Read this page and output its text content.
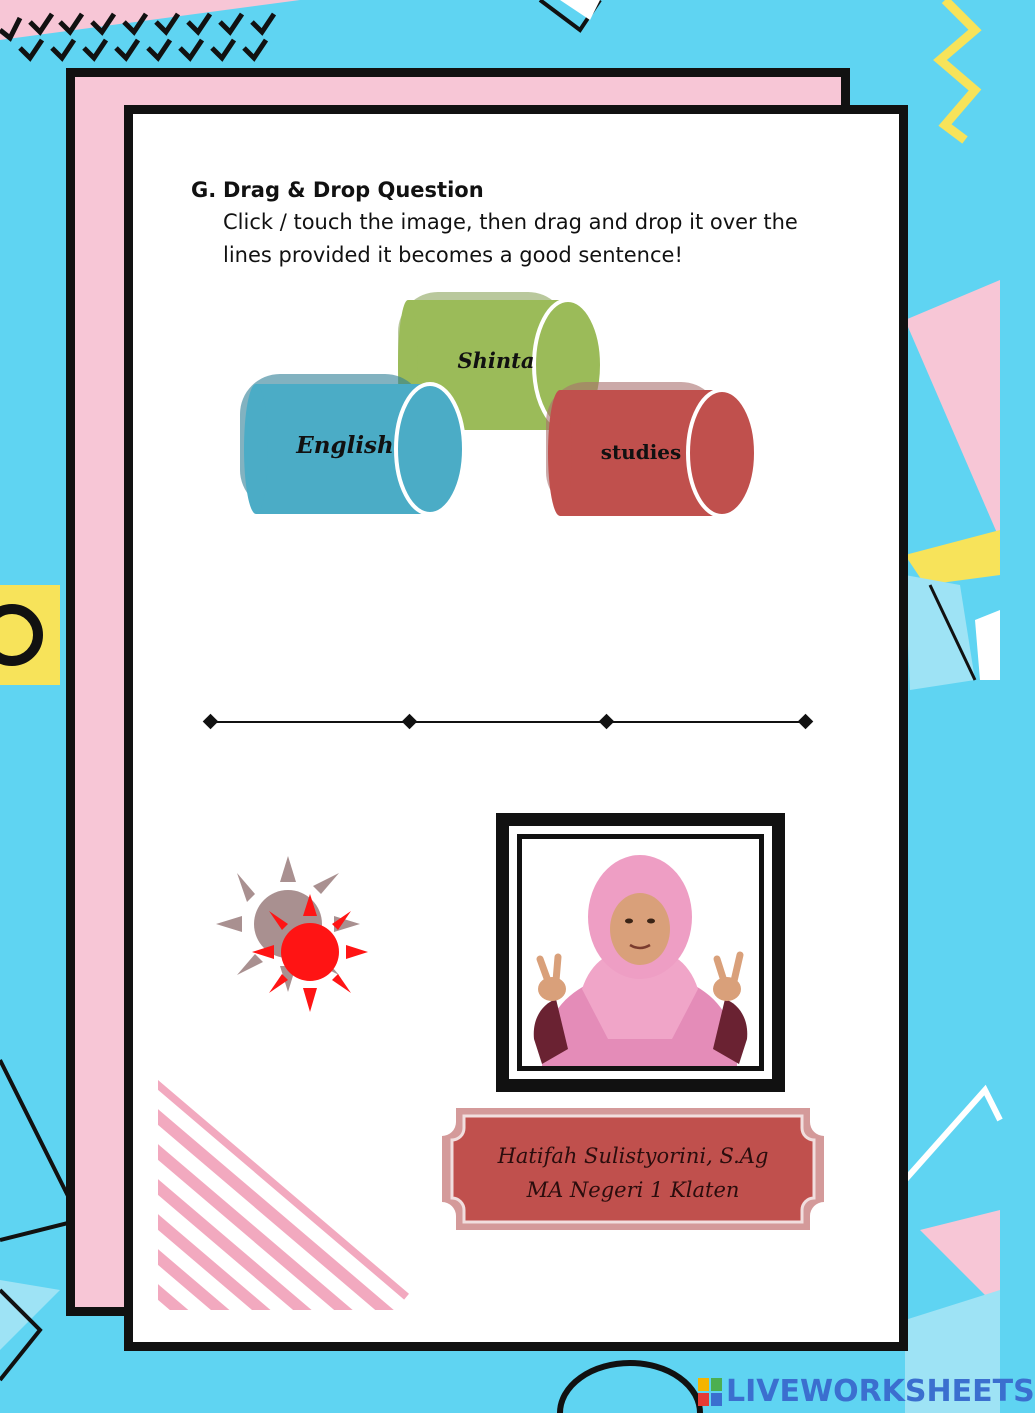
G. Drag & Drop Question
Click / touch the image, then drag and drop it over the
lines provided it becomes a good sentence!
Shinta
English	studies
Hatifah Sulistyorini, S.Ag
MA Negeri 1 Klaten
LIVEWORKSHEETS
